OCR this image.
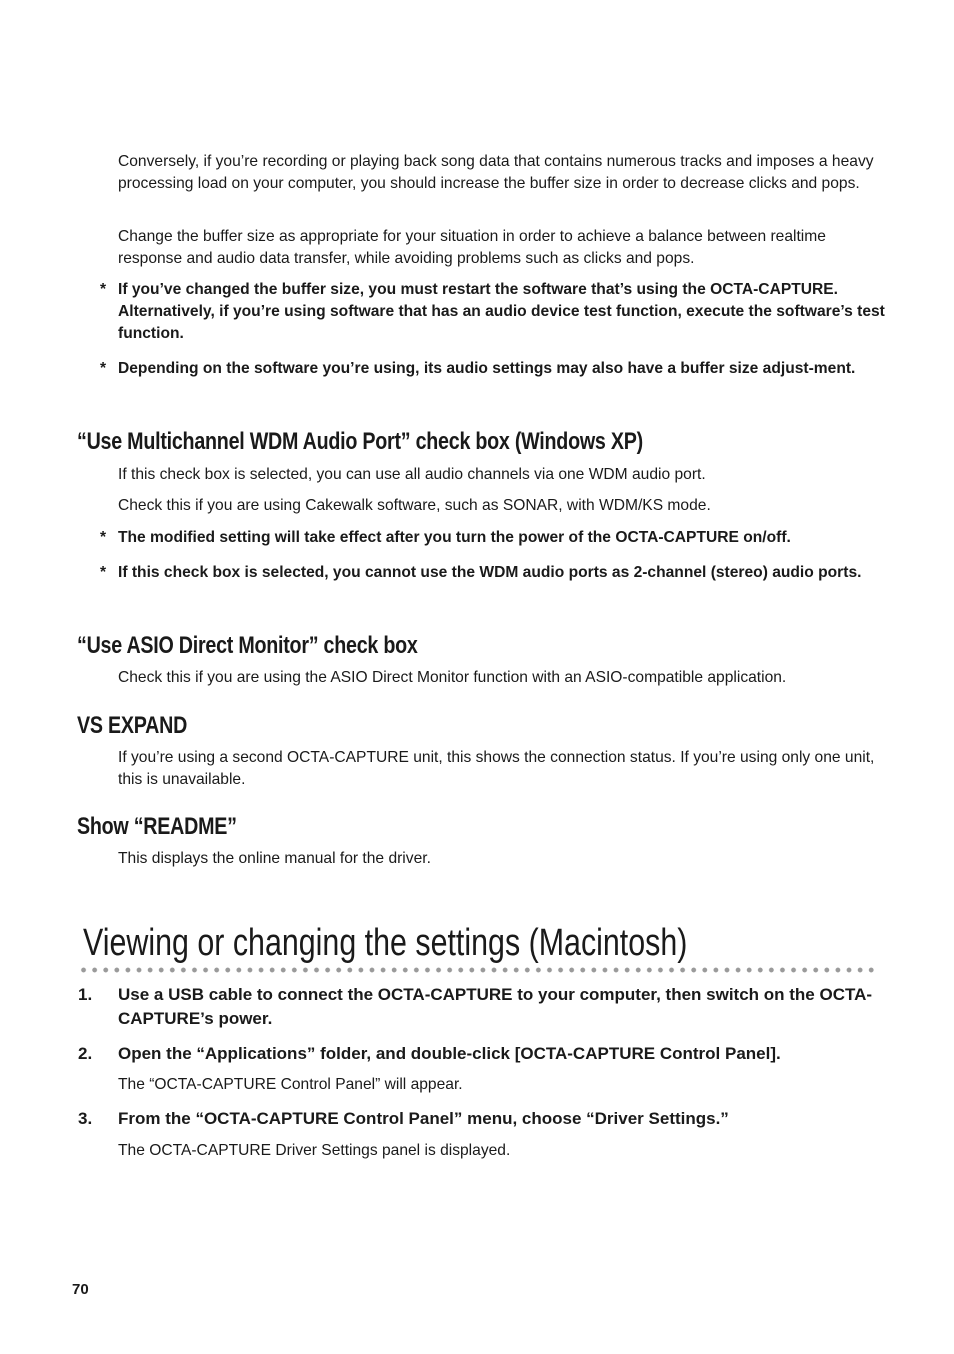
Conversely, if you’re recording or playing back song data that contains numerous tracks and imposes a heavy processing load on your computer, you should increase the buffer size in order to decrease clicks and pops.

Change the buffer size as appropriate for your situation in order to achieve a balance between realtime response and audio data transfer, while avoiding problems such as clicks and pops.

* If you’ve changed the buffer size, you must restart the software that’s using the OCTA-CAPTURE. Alternatively, if you’re using software that has an audio device test function, execute the software’s test function.

* Depending on the software you’re using, its audio settings may also have a buffer size adjust-ment.

“Use Multichannel WDM Audio Port” check box (Windows XP)

If this check box is selected, you can use all audio channels via one WDM audio port.

Check this if you are using Cakewalk software, such as SONAR, with WDM/KS mode.

* The modified setting will take effect after you turn the power of the OCTA-CAPTURE on/off.

* If this check box is selected, you cannot use the WDM audio ports as 2-channel (stereo) audio ports.

“Use ASIO Direct Monitor” check box

Check this if you are using the ASIO Direct Monitor function with an ASIO-compatible application.

VS EXPAND

If you’re using a second OCTA-CAPTURE unit, this shows the connection status. If you’re using only one unit, this is unavailable.

Show “README”

This displays the online manual for the driver.

Viewing or changing the settings (Macintosh)
1. Use a USB cable to connect the OCTA-CAPTURE to your computer, then switch on the OCTA-CAPTURE’s power.

2. Open the “Applications” folder, and double-click [OCTA-CAPTURE Control Panel].

The “OCTA-CAPTURE Control Panel” will appear.

3. From the “OCTA-CAPTURE Control Panel” menu, choose “Driver Settings.”

The OCTA-CAPTURE Driver Settings panel is displayed.

70
